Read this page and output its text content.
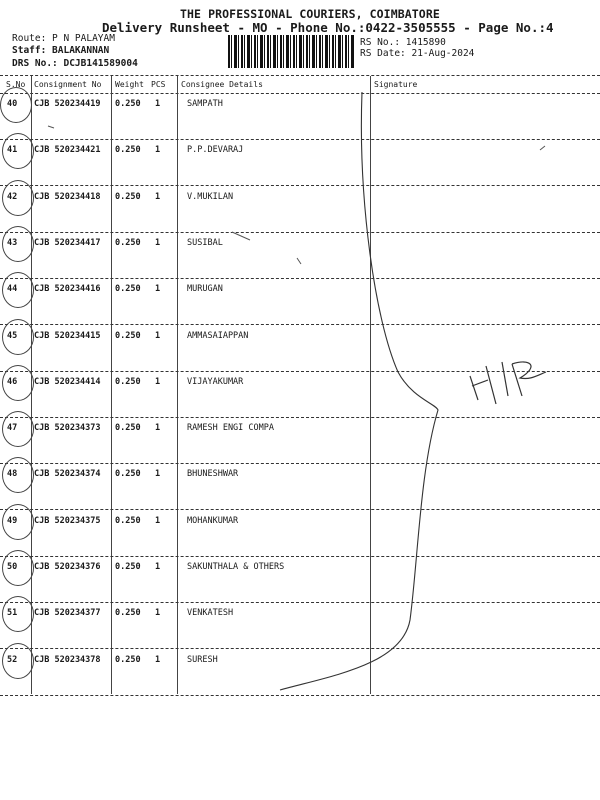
THE PROFESSIONAL COURIERS, COIMBATORE
Delivery Runsheet - MO - Phone No.:0422-3505555 - Page No.:4
Route: P N PALAYAM
Staff: BALAKANNAN
DRS No.: DCJB141589004
RS No.: 1415890
RS Date: 21-Aug-2024
S.No Consignment No Weight PCS Consignee Details	Signature
40 CJB 520234419 0.250 1	SAMPATH
41 CJB 520234421 0.250 1	P.P.DEVARAJ
42 CJB 520234418 0.250 1	V.MUKILAN
43 CJB 520234417 0.250 1	SUSIBAL
44 CJB 520234416 0.250 1	MURUGAN
45 CJB 520234415 0.250 1	AMMASAIAPPAN
46 CJB 520234414 0.250 1	VIJAYAKUMAR
47 CJB 520234373 0.250 1	RAMESH ENGI COMPA
48 CJB 520234374 0.250 1	BHUNESHWAR
49 CJB 520234375 0.250 1	MOHANKUMAR
50 CJB 520234376 0.250 1	SAKUNTHALA & OTHERS
51 CJB 520234377 0.250 1	VENKATESH
52 CJB 520234378 0.250 1	SURESH
